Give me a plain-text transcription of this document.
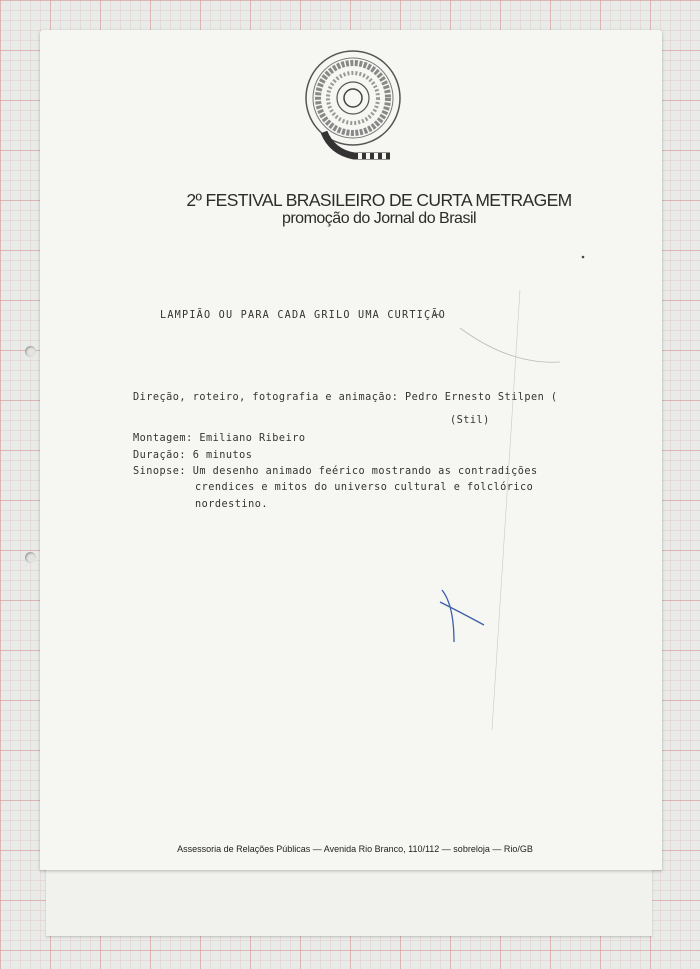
2º FESTIVAL BRASILEIRO DE CURTA METRAGEM
promoção do Jornal do Brasil
LAMPIÃO OU PARA CADA GRILO UMA CURTIÇÃO
Direção, roteiro, fotografia e animação: Pedro Ernesto Stilpen (
(Stil)
Montagem: Emiliano Ribeiro
Duração: 6 minutos
Sinopse: Um desenho animado feérico mostrando as contradições
crendices e mitos do universo cultural e folclórico
nordestino.
Assessoria de Relações Públicas — Avenida Rio Branco, 110/112 — sobreloja — Rio/GB
